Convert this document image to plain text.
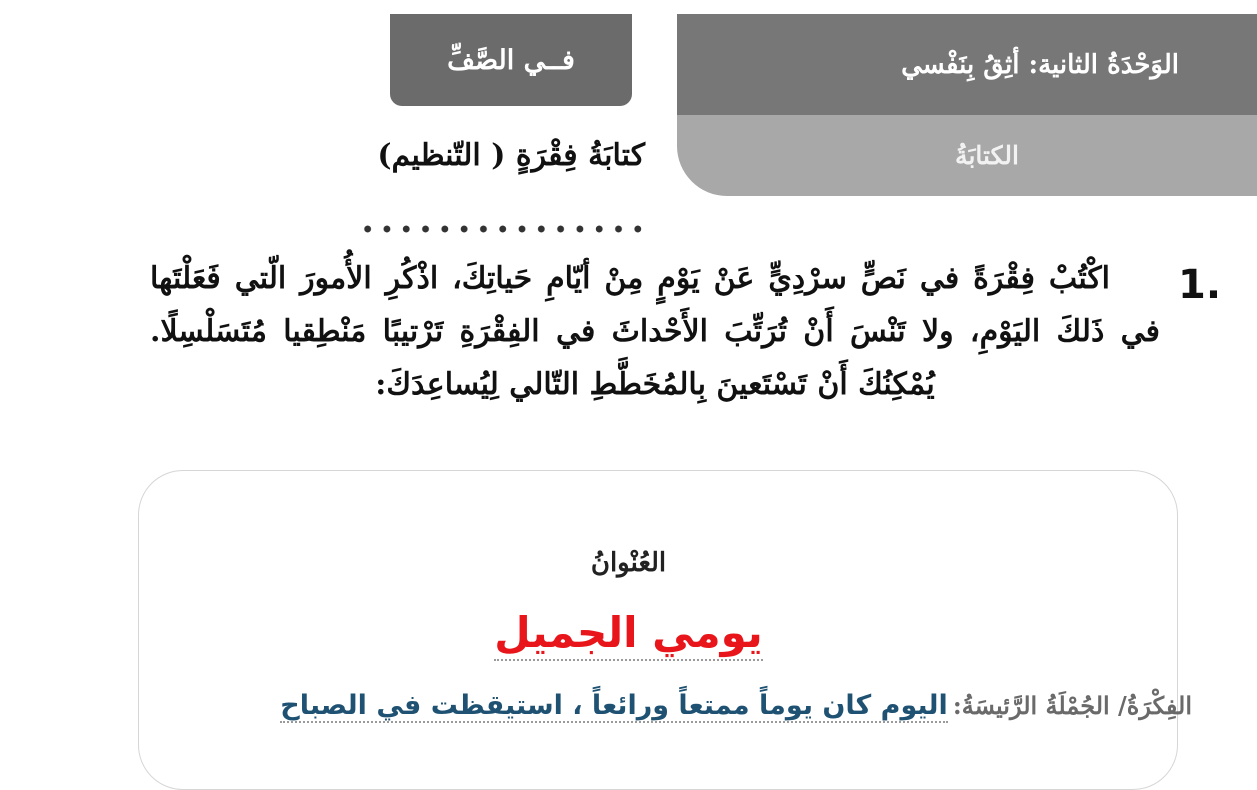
فــي الصَّفِّ	الوَحْدَةُ الثانية: أثِقُ بِنَفْسي
الكتابَةُ
كتابَةُ فِقْرَةٍ ( التّنظيم)
1.
اكْتُبْ فِقْرَةً في نَصٍّ سرْدِيٍّ عَنْ يَوْمٍ مِنْ أيّامِ حَياتِكَ، اذْكُرِ الأُمورَ الّتي فَعَلْتَها في ذَلكَ اليَوْمِ، ولا تَنْسَ أَنْ تُرَتِّبَ الأَحْداثَ في الفِقْرَةِ تَرْتيبًا مَنْطِقيا مُتَسَلْسِلًا. يُمْكِنُكَ أَنْ تَسْتَعينَ بِالمُخَطَّطِ التّالي لِيُساعِدَكَ:
العُنْوانُ
يومي الجميل
الفِكْرَةُ/ الجُمْلَةُ الرَّئيسَةُ: اليوم كان يوماً ممتعاً ورائعاً ، استيقظت في الصباح
